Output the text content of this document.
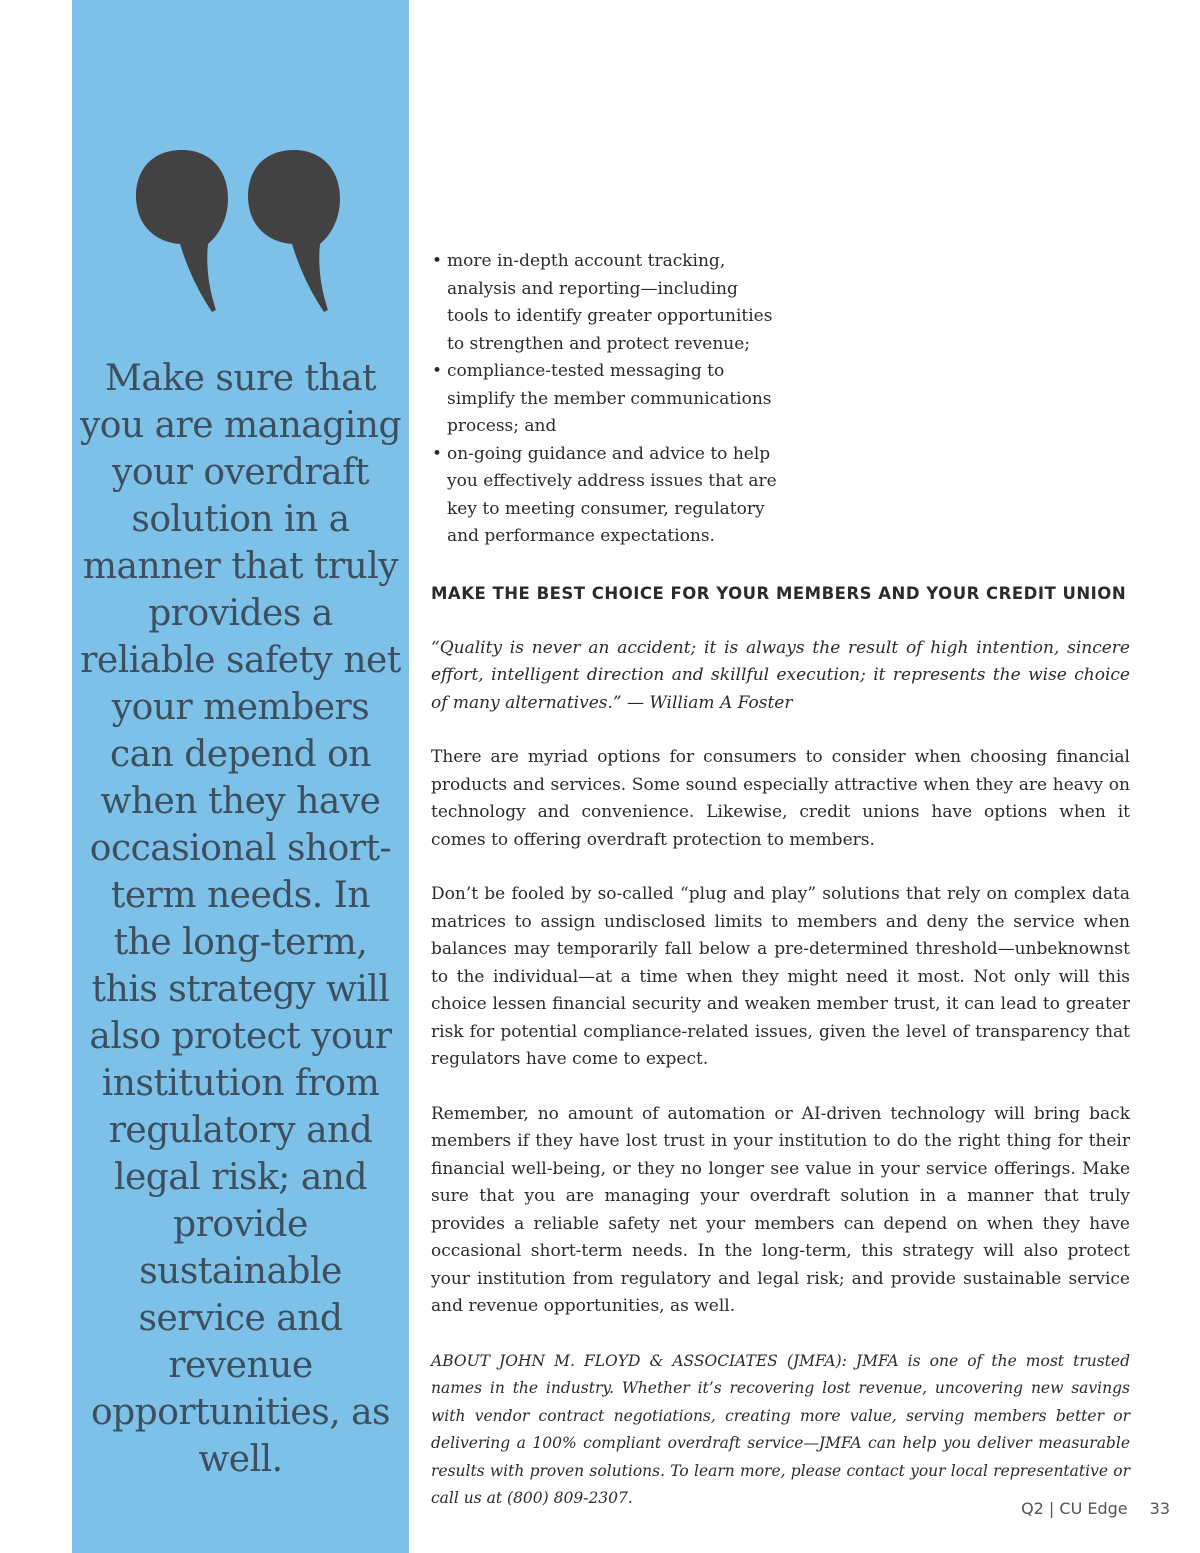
Make sure that you are managing your overdraft solution in a manner that truly provides a reliable safety net your members can depend on when they have occasional short-term needs. In the long-term, this strategy will also protect your institution from regulatory and legal risk; and provide sustainable service and revenue opportunities, as well.

• more in-depth account tracking, analysis and reporting—including tools to identify greater opportunities to strengthen and protect revenue;
• compliance-tested messaging to simplify the member communications process; and
• on-going guidance and advice to help you effectively address issues that are key to meeting consumer, regulatory and performance expectations.
MAKE THE BEST CHOICE FOR YOUR MEMBERS AND YOUR CREDIT UNION

“Quality is never an accident; it is always the result of high intention, sincere effort, intelligent direction and skillful execution; it represents the wise choice of many alternatives.” — William A Foster

There are myriad options for consumers to consider when choosing financial products and services. Some sound especially attractive when they are heavy on technology and convenience. Likewise, credit unions have options when it comes to offering overdraft protection to members.

Don’t be fooled by so-called “plug and play” solutions that rely on complex data matrices to assign undisclosed limits to members and deny the service when balances may temporarily fall below a pre-determined threshold—unbeknownst to the individual—at a time when they might need it most. Not only will this choice lessen financial security and weaken member trust, it can lead to greater risk for potential compliance-related issues, given the level of transparency that regulators have come to expect.

Remember, no amount of automation or AI-driven technology will bring back members if they have lost trust in your institution to do the right thing for their financial well-being, or they no longer see value in your service offerings. Make sure that you are managing your overdraft solution in a manner that truly provides a reliable safety net your members can depend on when they have occasional short-term needs. In the long-term, this strategy will also protect your institution from regulatory and legal risk; and provide sustainable service and revenue opportunities, as well.

ABOUT JOHN M. FLOYD & ASSOCIATES (JMFA): JMFA is one of the most trusted names in the industry. Whether it’s recovering lost revenue, uncovering new savings with vendor contract negotiations, creating more value, serving members better or delivering a 100% compliant overdraft service—JMFA can help you deliver measurable results with proven solutions. To learn more, please contact your local representative or call us at (800) 809-2307.

Q2 | CU Edge 33
